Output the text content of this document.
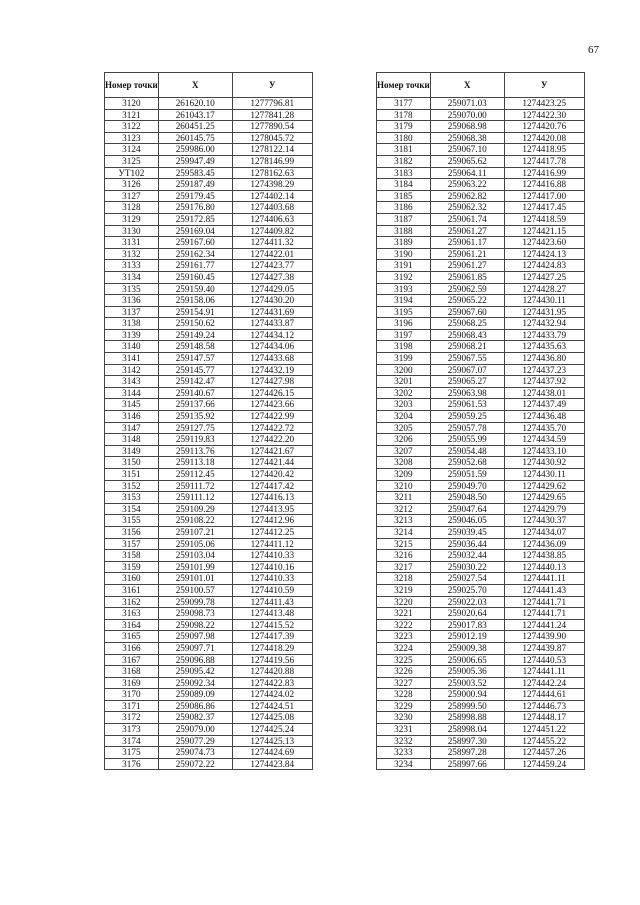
67
Номер точки	X	У
3120	261620.10	1277796.81
3121	261043.17	1277841.28
3122	260451.25	1277890.54
3123	260145.75	1278045.72
3124	259986.00	1278122.14
3125	259947.49	1278146.99
УТ102	259583.45	1278162.63
3126	259187.49	1274398.29
3127	259179.45	1274402.14
3128	259176.80	1274403.68
3129	259172.85	1274406.63
3130	259169.04	1274409.82
3131	259167.60	1274411.32
3132	259162.34	1274422.01
3133	259161.77	1274423.77
3134	259160.45	1274427.38
3135	259159.40	1274429.05
3136	259158.06	1274430.20
3137	259154.91	1274431.69
3138	259150.62	1274433.87
3139	259149.24	1274434.12
3140	259148.58	1274434.06
3141	259147.57	1274433.68
3142	259145.77	1274432.19
3143	259142.47	1274427.98
3144	259140.67	1274426.15
3145	259137.66	1274423.66
3146	259135.92	1274422.99
3147	259127.75	1274422.72
3148	259119.83	1274422.20
3149	259113.76	1274421.67
3150	259113.18	1274421.44
3151	259112.45	1274420.42
3152	259111.72	1274417.42
3153	259111.12	1274416.13
3154	259109.29	1274413.95
3155	259108.22	1274412.96
3156	259107.21	1274412.25
3157	259105.06	1274411.12
3158	259103.04	1274410.33
3159	259101.99	1274410.16
3160	259101.01	1274410.33
3161	259100.57	1274410.59
3162	259099.78	1274411.43
3163	259098.73	1274413.48
3164	259098.22	1274415.52
3165	259097.98	1274417.39
3166	259097.71	1274418.29
3167	259096.88	1274419.56
3168	259095.42	1274420.88
3169	259092.34	1274422.83
3170	259089.09	1274424.02
3171	259086.86	1274424.51
3172	259082.37	1274425.08
3173	259079.00	1274425.24
3174	259077.29	1274425.13
3175	259074.73	1274424.69
3176	259072.22	1274423.84
Номер точки	X	У
3177	259071.03	1274423.25
3178	259070.00	1274422.30
3179	259068.98	1274420.76
3180	259068.38	1274420.08
3181	259067.10	1274418.95
3182	259065.62	1274417.78
3183	259064.11	1274416.99
3184	259063.22	1274416.88
3185	259062.82	1274417.00
3186	259062.32	1274417.45
3187	259061.74	1274418.59
3188	259061.27	1274421.15
3189	259061.17	1274423.60
3190	259061.21	1274424.13
3191	259061.27	1274424.83
3192	259061.85	1274427.25
3193	259062.59	1274428.27
3194	259065.22	1274430.11
3195	259067.60	1274431.95
3196	259068.25	1274432.94
3197	259068.43	1274433.79
3198	259068.21	1274435.63
3199	259067.55	1274436.80
3200	259067.07	1274437.23
3201	259065.27	1274437.92
3202	259063.98	1274438.01
3203	259061.53	1274437.49
3204	259059.25	1274436.48
3205	259057.78	1274435.70
3206	259055.99	1274434.59
3207	259054.48	1274433.10
3208	259052.68	1274430.92
3209	259051.59	1274430.11
3210	259049.70	1274429.62
3211	259048.50	1274429.65
3212	259047.64	1274429.79
3213	259046.05	1274430.37
3214	259039.45	1274434.07
3215	259036.44	1274436.09
3216	259032.44	1274438.85
3217	259030.22	1274440.13
3218	259027.54	1274441.11
3219	259025.70	1274441.43
3220	259022.03	1274441.71
3221	259020.64	1274441.71
3222	259017.83	1274441.24
3223	259012.19	1274439.90
3224	259009.38	1274439.87
3225	259006.65	1274440.53
3226	259005.36	1274441.11
3227	259003.52	1274442.24
3228	259000.94	1274444.61
3229	258999.50	1274446.73
3230	258998.88	1274448.17
3231	258998.04	1274451.22
3232	258997.30	1274455.22
3233	258997.28	1274457.26
3234	258997.66	1274459.24
